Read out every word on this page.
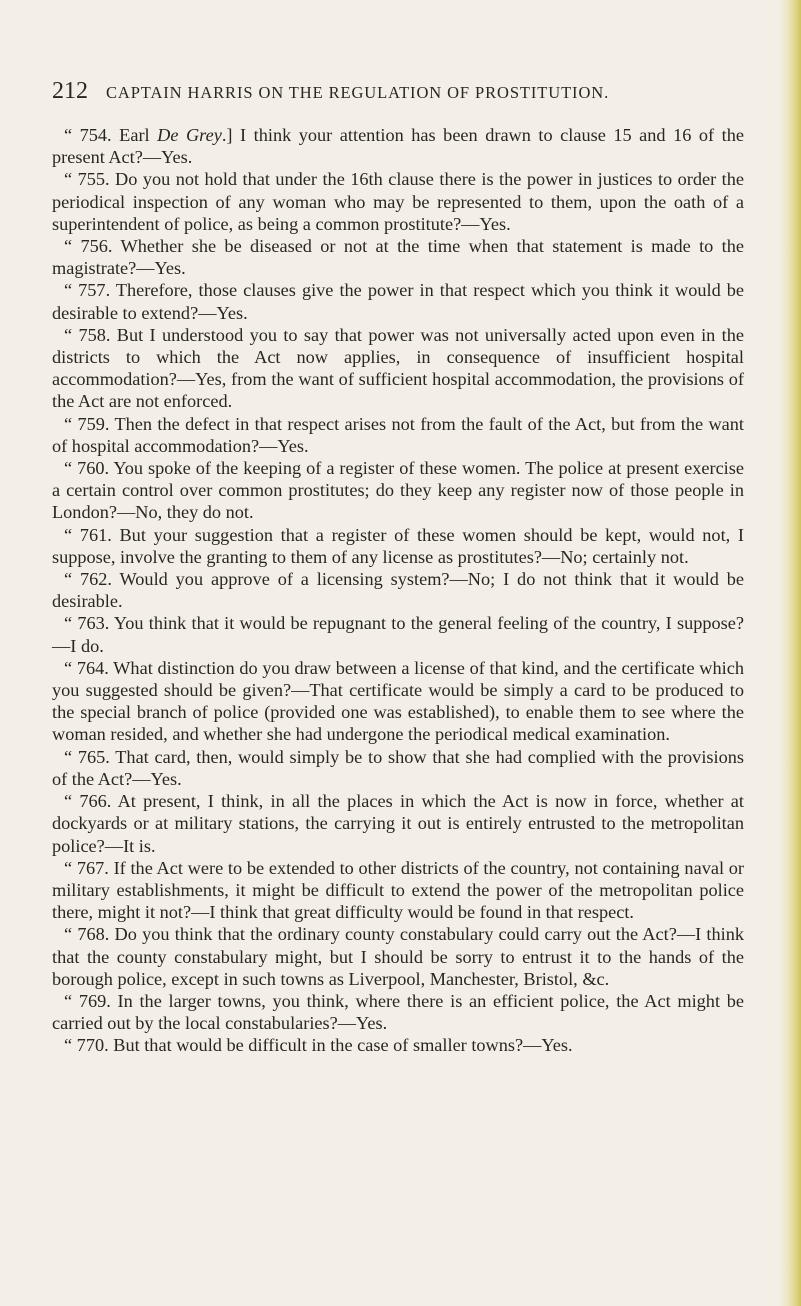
212	CAPTAIN HARRIS ON THE REGULATION OF PROSTITUTION.

“ 754. Earl De Grey.] I think your attention has been drawn to clause 15 and 16 of the present Act?—Yes.

“ 755. Do you not hold that under the 16th clause there is the power in justices to order the periodical inspection of any woman who may be represented to them, upon the oath of a superintendent of police, as being a common prostitute?—Yes.

“ 756. Whether she be diseased or not at the time when that statement is made to the magistrate?—Yes.

“ 757. Therefore, those clauses give the power in that respect which you think it would be desirable to extend?—Yes.

“ 758. But I understood you to say that power was not universally acted upon even in the districts to which the Act now applies, in consequence of insufficient hospital accommodation?—Yes, from the want of sufficient hospital accommodation, the provisions of the Act are not enforced.

“ 759. Then the defect in that respect arises not from the fault of the Act, but from the want of hospital accommodation?—Yes.

“ 760. You spoke of the keeping of a register of these women. The police at present exercise a certain control over common prostitutes; do they keep any register now of those people in London?—No, they do not.

“ 761. But your suggestion that a register of these women should be kept, would not, I suppose, involve the granting to them of any license as prostitutes?—No; certainly not.

“ 762. Would you approve of a licensing system?—No; I do not think that it would be desirable.

“ 763. You think that it would be repugnant to the general feeling of the country, I suppose?—I do.

“ 764. What distinction do you draw between a license of that kind, and the certificate which you suggested should be given?—That certificate would be simply a card to be produced to the special branch of police (provided one was established), to enable them to see where the woman resided, and whether she had undergone the periodical medical examination.

“ 765. That card, then, would simply be to show that she had complied with the provisions of the Act?—Yes.

“ 766. At present, I think, in all the places in which the Act is now in force, whether at dockyards or at military stations, the carrying it out is entirely entrusted to the metropolitan police?—It is.

“ 767. If the Act were to be extended to other districts of the country, not containing naval or military establishments, it might be difficult to extend the power of the metropolitan police there, might it not?—I think that great difficulty would be found in that respect.

“ 768. Do you think that the ordinary county constabulary could carry out the Act?—I think that the county constabulary might, but I should be sorry to entrust it to the hands of the borough police, except in such towns as Liverpool, Manchester, Bristol, &c.

“ 769. In the larger towns, you think, where there is an efficient police, the Act might be carried out by the local constabularies?—Yes.

“ 770. But that would be difficult in the case of smaller towns?—Yes.
